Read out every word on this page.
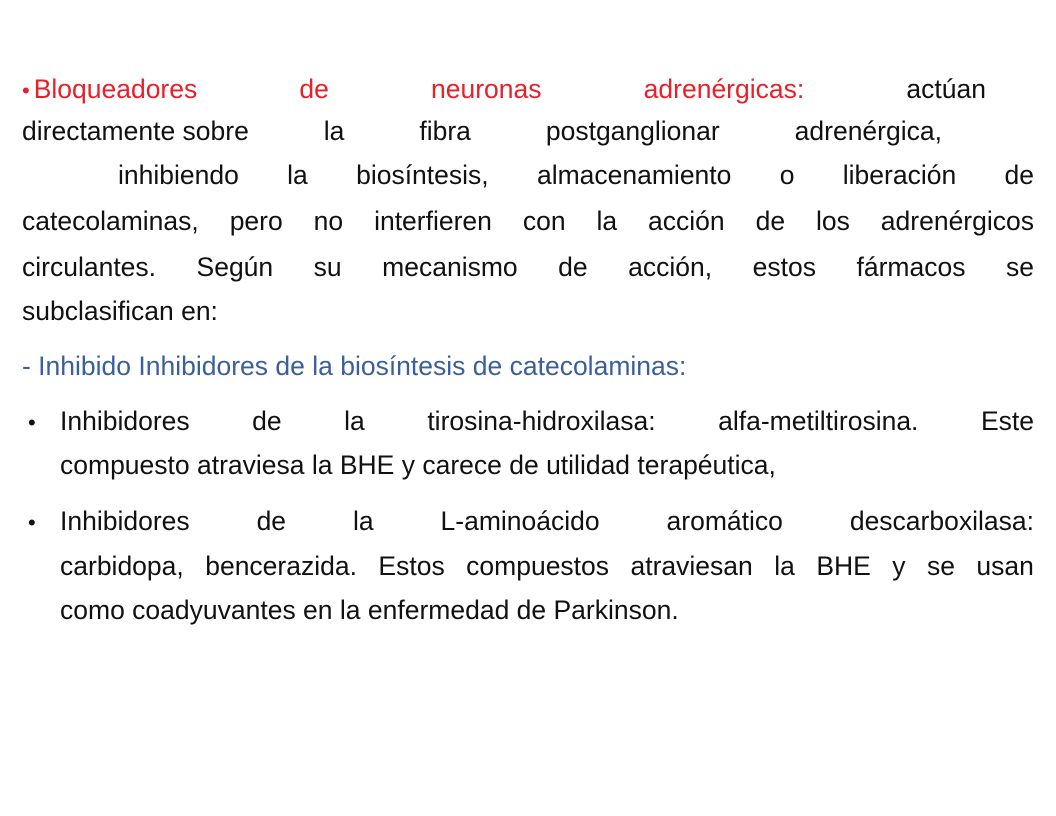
• Bloqueadores	de	neuronas	adrenérgicas:	actúan
directamente sobre	la	fibra	postganglionar	adrenérgica,
inhibiendo la biosíntesis, almacenamiento o liberación de
catecolaminas, pero no interfieren con la acción de los adrenérgicos
circulantes. Según su mecanismo de acción, estos fármacos se
subclasifican en:
- Inhibido Inhibidores de la biosíntesis de catecolaminas:
• Inhibidores de la tirosina-hidroxilasa: alfa-metiltirosina. Este
compuesto atraviesa la BHE y carece de utilidad terapéutica,
• Inhibidores	de	la	L-aminoácido	aromático	descarboxilasa:
carbidopa, bencerazida. Estos compuestos atraviesan la BHE y se usan
como coadyuvantes en la enfermedad de Parkinson.
